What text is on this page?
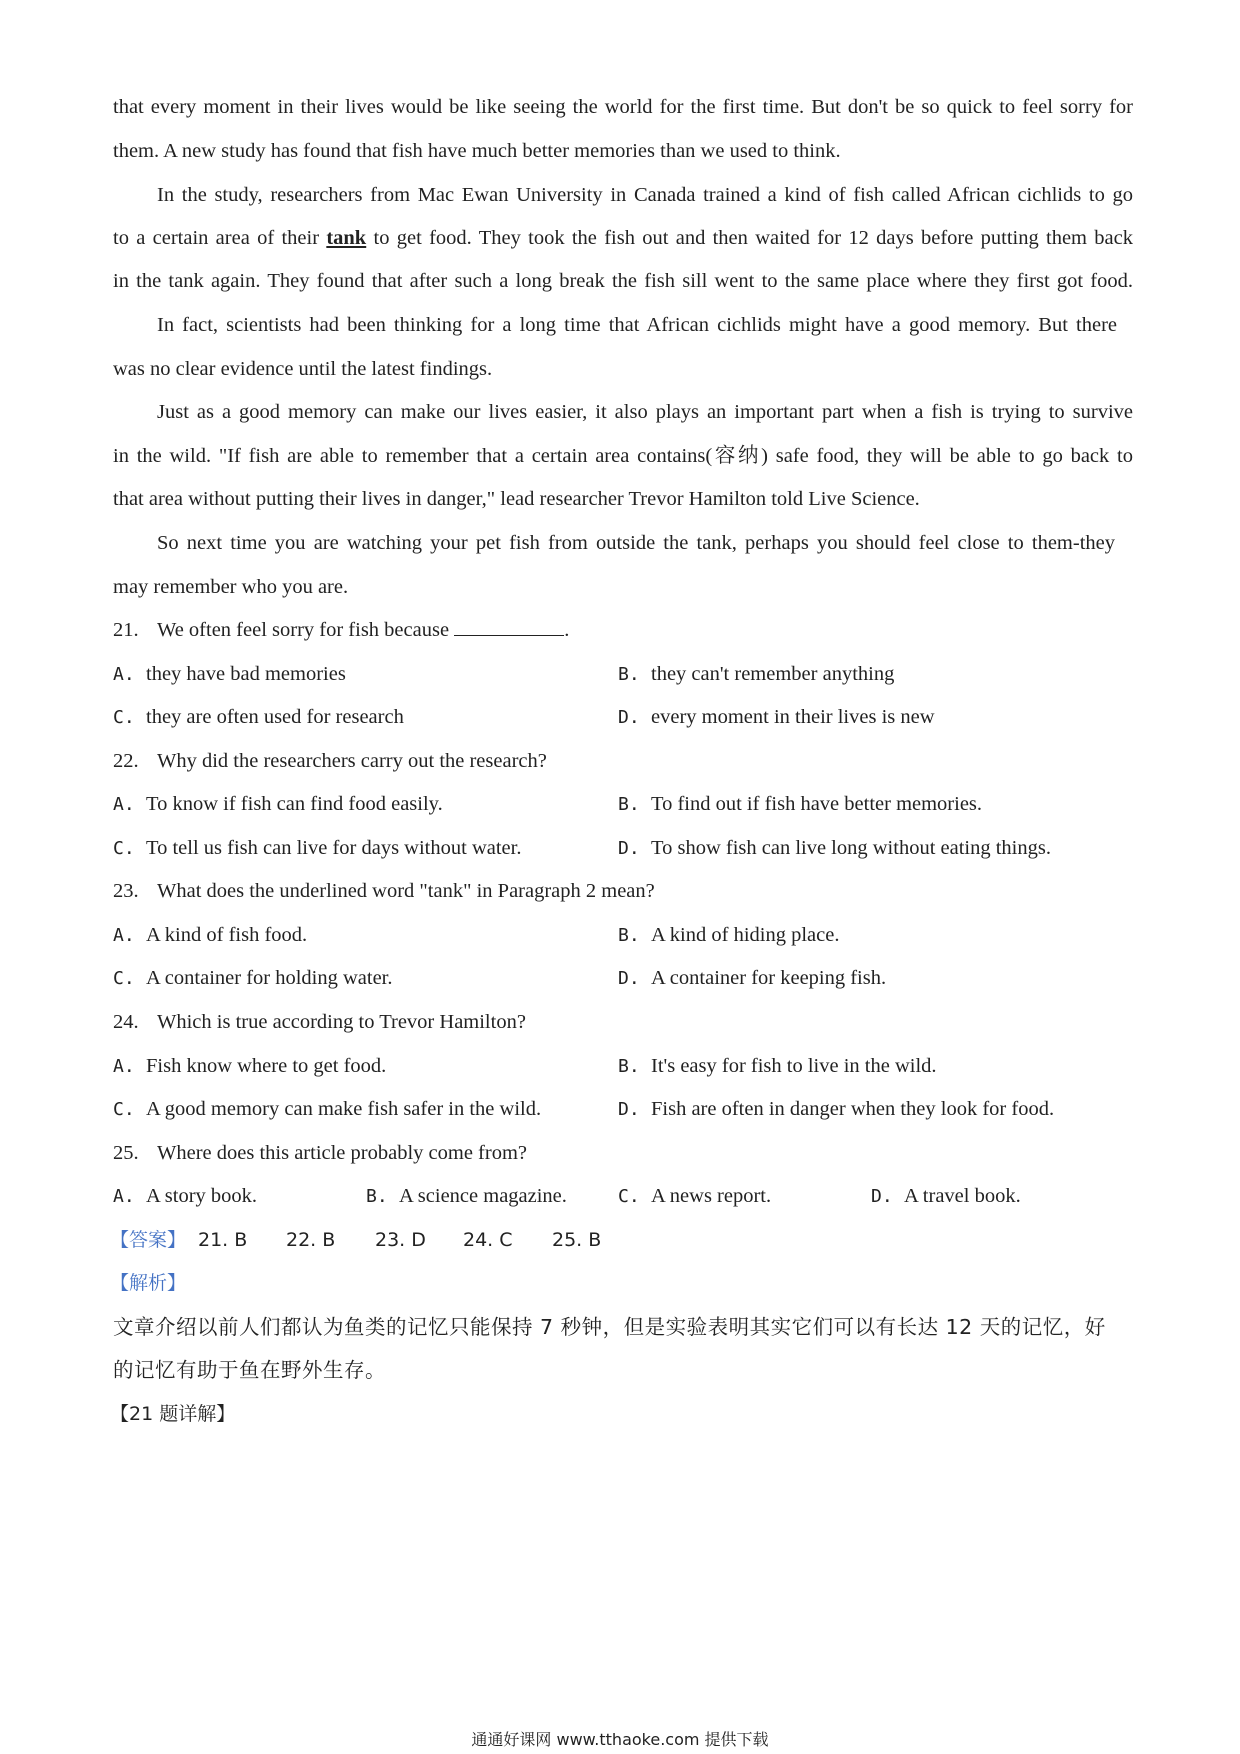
that every moment in their lives would be like seeing the world for the first time. But don't be so quick to feel sorry for
them. A new study has found that fish have much better memories than we used to think.
In the study, researchers from Mac Ewan University in Canada trained a kind of fish called African cichlids to go
to a certain area of their tank to get food. They took the fish out and then waited for 12 days before putting them back
in the tank again. They found that after such a long break the fish sill went to the same place where they first got food.
In fact, scientists had been thinking for a long time that African cichlids might have a good memory. But there
was no clear evidence until the latest findings.
Just as a good memory can make our lives easier, it also plays an important part when a fish is trying to survive
in the wild. "If fish are able to remember that a certain area contains(容纳) safe food, they will be able to go back to
that area without putting their lives in danger," lead researcher Trevor Hamilton told Live Science.
So next time you are watching your pet fish from outside the tank, perhaps you should feel close to them-they
may remember who you are.
21. We often feel sorry for fish because	.
A. they have bad memories	B. they can't remember anything
C. they are often used for research	D. every moment in their lives is new
22. Why did the researchers carry out the research?
A. To know if fish can find food easily.	B. To find out if fish have better memories.
C. To tell us fish can live for days without water.	D. To show fish can live long without eating things.
23. What does the underlined word "tank" in Paragraph 2 mean?
A. A kind of fish food.	B. A kind of hiding place.
C. A container for holding water.	D. A container for keeping fish.
24. Which is true according to Trevor Hamilton?
A. Fish know where to get food.	B. It's easy for fish to live in the wild.
C. A good memory can make fish safer in the wild.	D. Fish are often in danger when they look for food.
25. Where does this article probably come from?
A. A story book.	B. A science magazine.	C. A news report.	D. A travel book.
【答案】 21. B 22. B 23. D 24. C 25. B
【解析】
文章介绍以前人们都认为鱼类的记忆只能保持 7 秒钟，但是实验表明其实它们可以有长达 12 天的记忆，好
的记忆有助于鱼在野外生存。
【21 题详解】
通通好课网 www.tthaoke.com 提供下载
